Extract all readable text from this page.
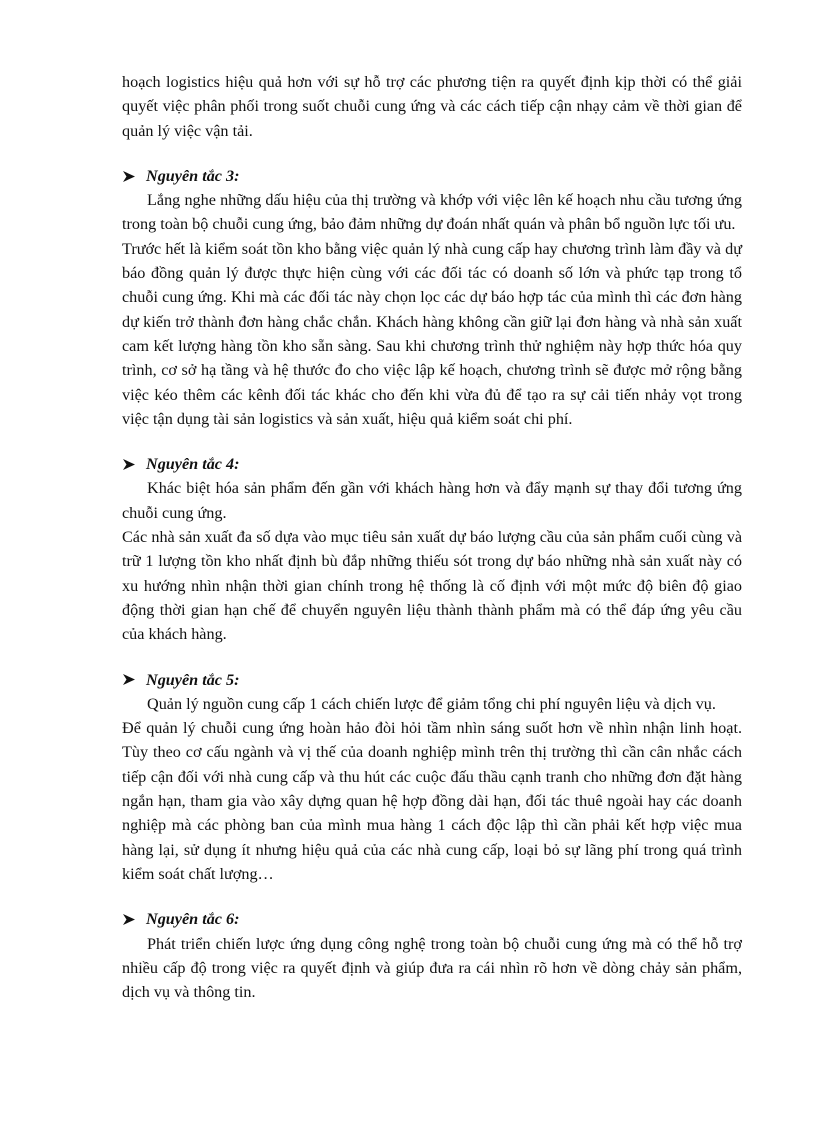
hoạch logistics hiệu quả hơn với sự hỗ trợ các phương tiện ra quyết định kịp thời có thể giải quyết việc phân phối trong suốt chuỗi cung ứng và các cách tiếp cận nhạy cảm về thời gian để quản lý việc vận tải.

Nguyên tắc 3:

Lắng nghe những dấu hiệu của thị trường và khớp với việc lên kế hoạch nhu cầu tương ứng trong toàn bộ chuỗi cung ứng, bảo đảm những dự đoán nhất quán và phân bổ nguồn lực tối ưu.

Trước hết là kiểm soát tồn kho bằng việc quản lý nhà cung cấp hay chương trình làm đầy và dự báo đồng quản lý được thực hiện cùng với các đối tác có doanh số lớn và phức tạp trong tổ chuỗi cung ứng. Khi mà các đối tác này chọn lọc các dự báo hợp tác của mình thì các đơn hàng dự kiến trở thành đơn hàng chắc chắn. Khách hàng không cần giữ lại đơn hàng và nhà sản xuất cam kết lượng hàng tồn kho sẵn sàng. Sau khi chương trình thử nghiệm này hợp thức hóa quy trình, cơ sở hạ tầng và hệ thước đo cho việc lập kế hoạch, chương trình sẽ được mở rộng bằng việc kéo thêm các kênh đối tác khác cho đến khi vừa đủ để tạo ra sự cải tiến nhảy vọt trong việc tận dụng tài sản logistics và sản xuất, hiệu quả kiểm soát chi phí.

Nguyên tắc 4:

Khác biệt hóa sản phẩm đến gần với khách hàng hơn và đẩy mạnh sự thay đổi tương ứng chuỗi cung ứng.

Các nhà sản xuất đa số dựa vào mục tiêu sản xuất dự báo lượng cầu của sản phẩm cuối cùng và trữ 1 lượng tồn kho nhất định bù đắp những thiếu sót trong dự báo những nhà sản xuất này có xu hướng nhìn nhận thời gian chính trong hệ thống là cố định với một mức độ biên độ giao động thời gian hạn chế để chuyển nguyên liệu thành thành phẩm mà có thể đáp ứng yêu cầu của khách hàng.

Nguyên tắc 5:

Quản lý nguồn cung cấp 1 cách chiến lược để giảm tổng chi phí nguyên liệu và dịch vụ.

Để quản lý chuỗi cung ứng hoàn hảo đòi hỏi tầm nhìn sáng suốt hơn về nhìn nhận linh hoạt. Tùy theo cơ cấu ngành và vị thế của doanh nghiệp mình trên thị trường thì cần cân nhắc cách tiếp cận đối với nhà cung cấp và thu hút các cuộc đấu thầu cạnh tranh cho những đơn đặt hàng ngắn hạn, tham gia vào xây dựng quan hệ hợp đồng dài hạn, đối tác thuê ngoài hay các doanh nghiệp mà các phòng ban của mình mua hàng 1 cách độc lập thì cần phải kết hợp việc mua hàng lại, sử dụng ít nhưng hiệu quả của các nhà cung cấp, loại bỏ sự lãng phí trong quá trình kiểm soát chất lượng…

Nguyên tắc 6:

Phát triển chiến lược ứng dụng công nghệ trong toàn bộ chuỗi cung ứng mà có thể hỗ trợ nhiều cấp độ trong việc ra quyết định và giúp đưa ra cái nhìn rõ hơn về dòng chảy sản phẩm, dịch vụ và thông tin.
